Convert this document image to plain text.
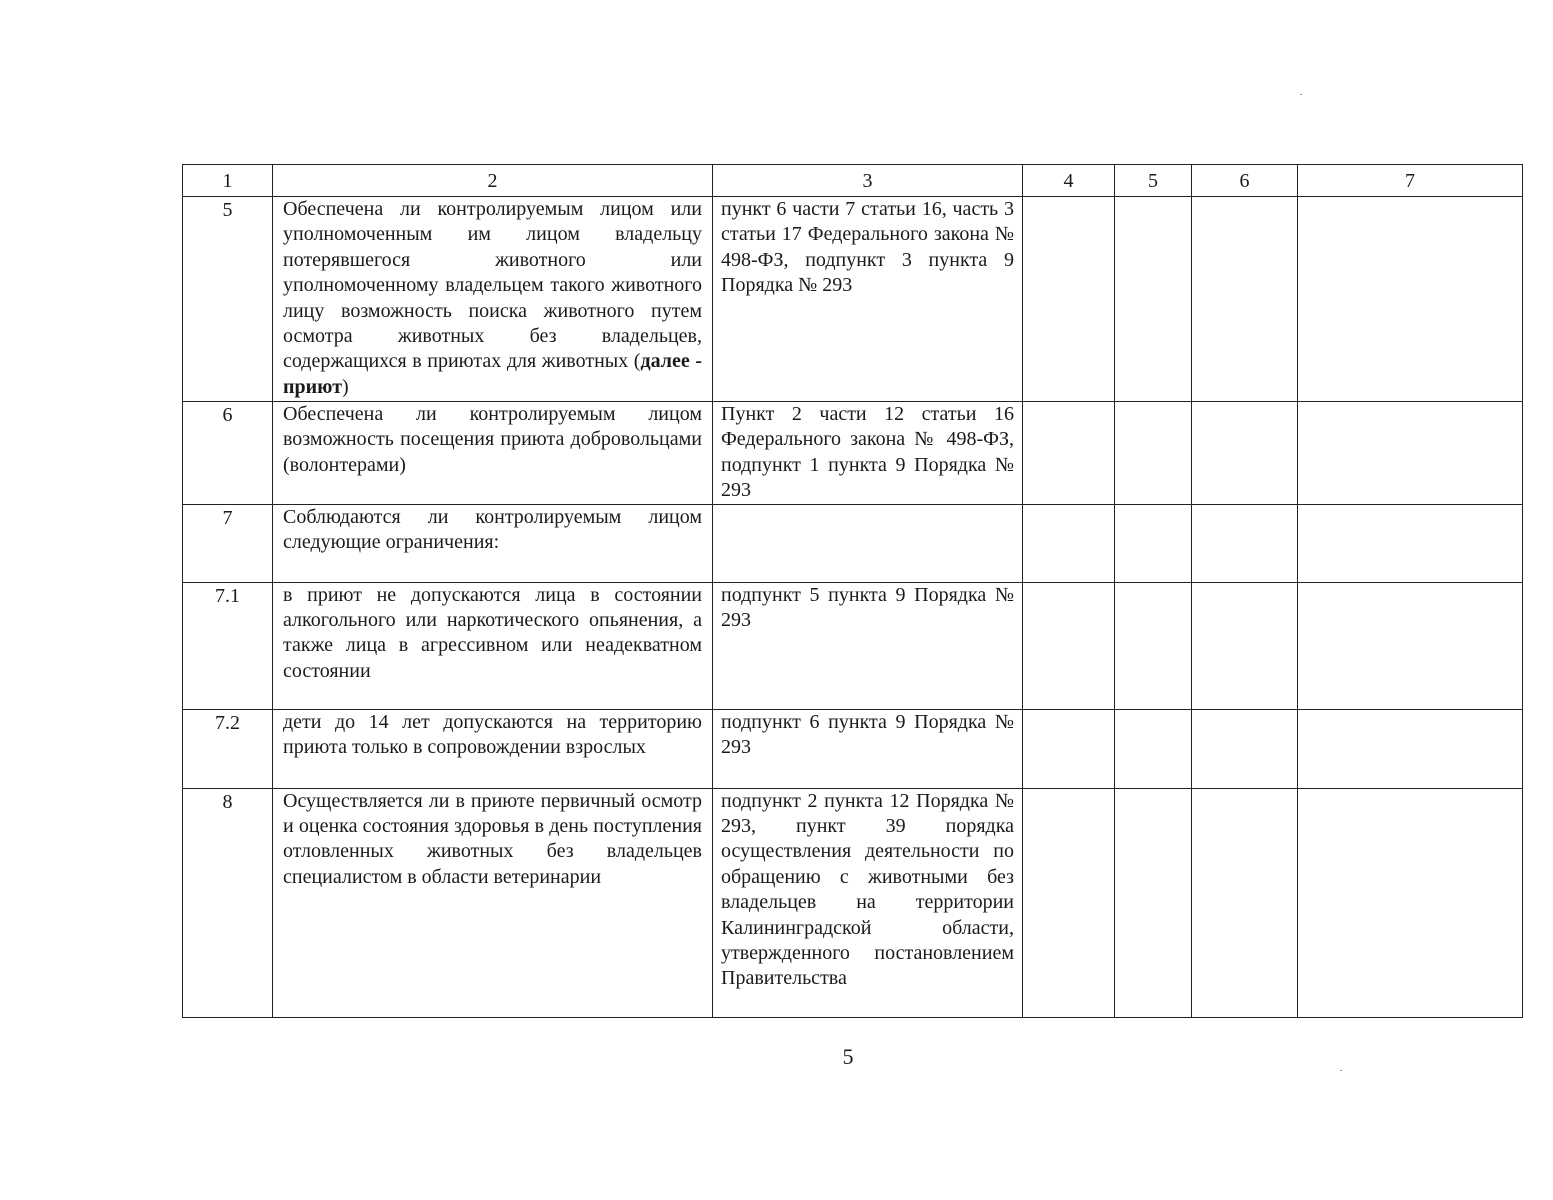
1	2	3	4	5	6	7
5	Обеспечена ли контролируемым лицом или уполномоченным им лицом владельцу потерявшегося животного или уполномоченному владельцем такого животного лицу возможность поиска животного путем осмотра животных без владельцев, содержащихся в приютах для животных (далее - приют)	пункт 6 части 7 статьи 16, часть 3 статьи 17 Федерального закона № 498-ФЗ, подпункт 3 пункта 9 Порядка № 293				
6	Обеспечена ли контролируемым лицом возможность посещения приюта добровольцами (волонтерами)	Пункт 2 части 12 статьи 16 Федерального закона № 498-ФЗ, подпункт 1 пункта 9 Порядка № 293				
7	Соблюдаются ли контролируемым лицом следующие ограничения:					
7.1	в приют не допускаются лица в состоянии алкогольного или наркотического опьянения, а также лица в агрессивном или неадекватном состоянии	подпункт 5 пункта 9 Порядка № 293				
7.2	дети до 14 лет допускаются на территорию приюта только в сопровождении взрослых	подпункт 6 пункта 9 Порядка № 293				
8	Осуществляется ли в приюте первичный осмотр и оценка состояния здоровья в день поступления отловленных животных без владельцев специалистом в области ветеринарии	подпункт 2 пункта 12 Порядка № 293, пункт 39 порядка осуществления деятельности по обращению с животными без владельцев на территории Калининградской области, утвержденного постановлением Правительства				
5
